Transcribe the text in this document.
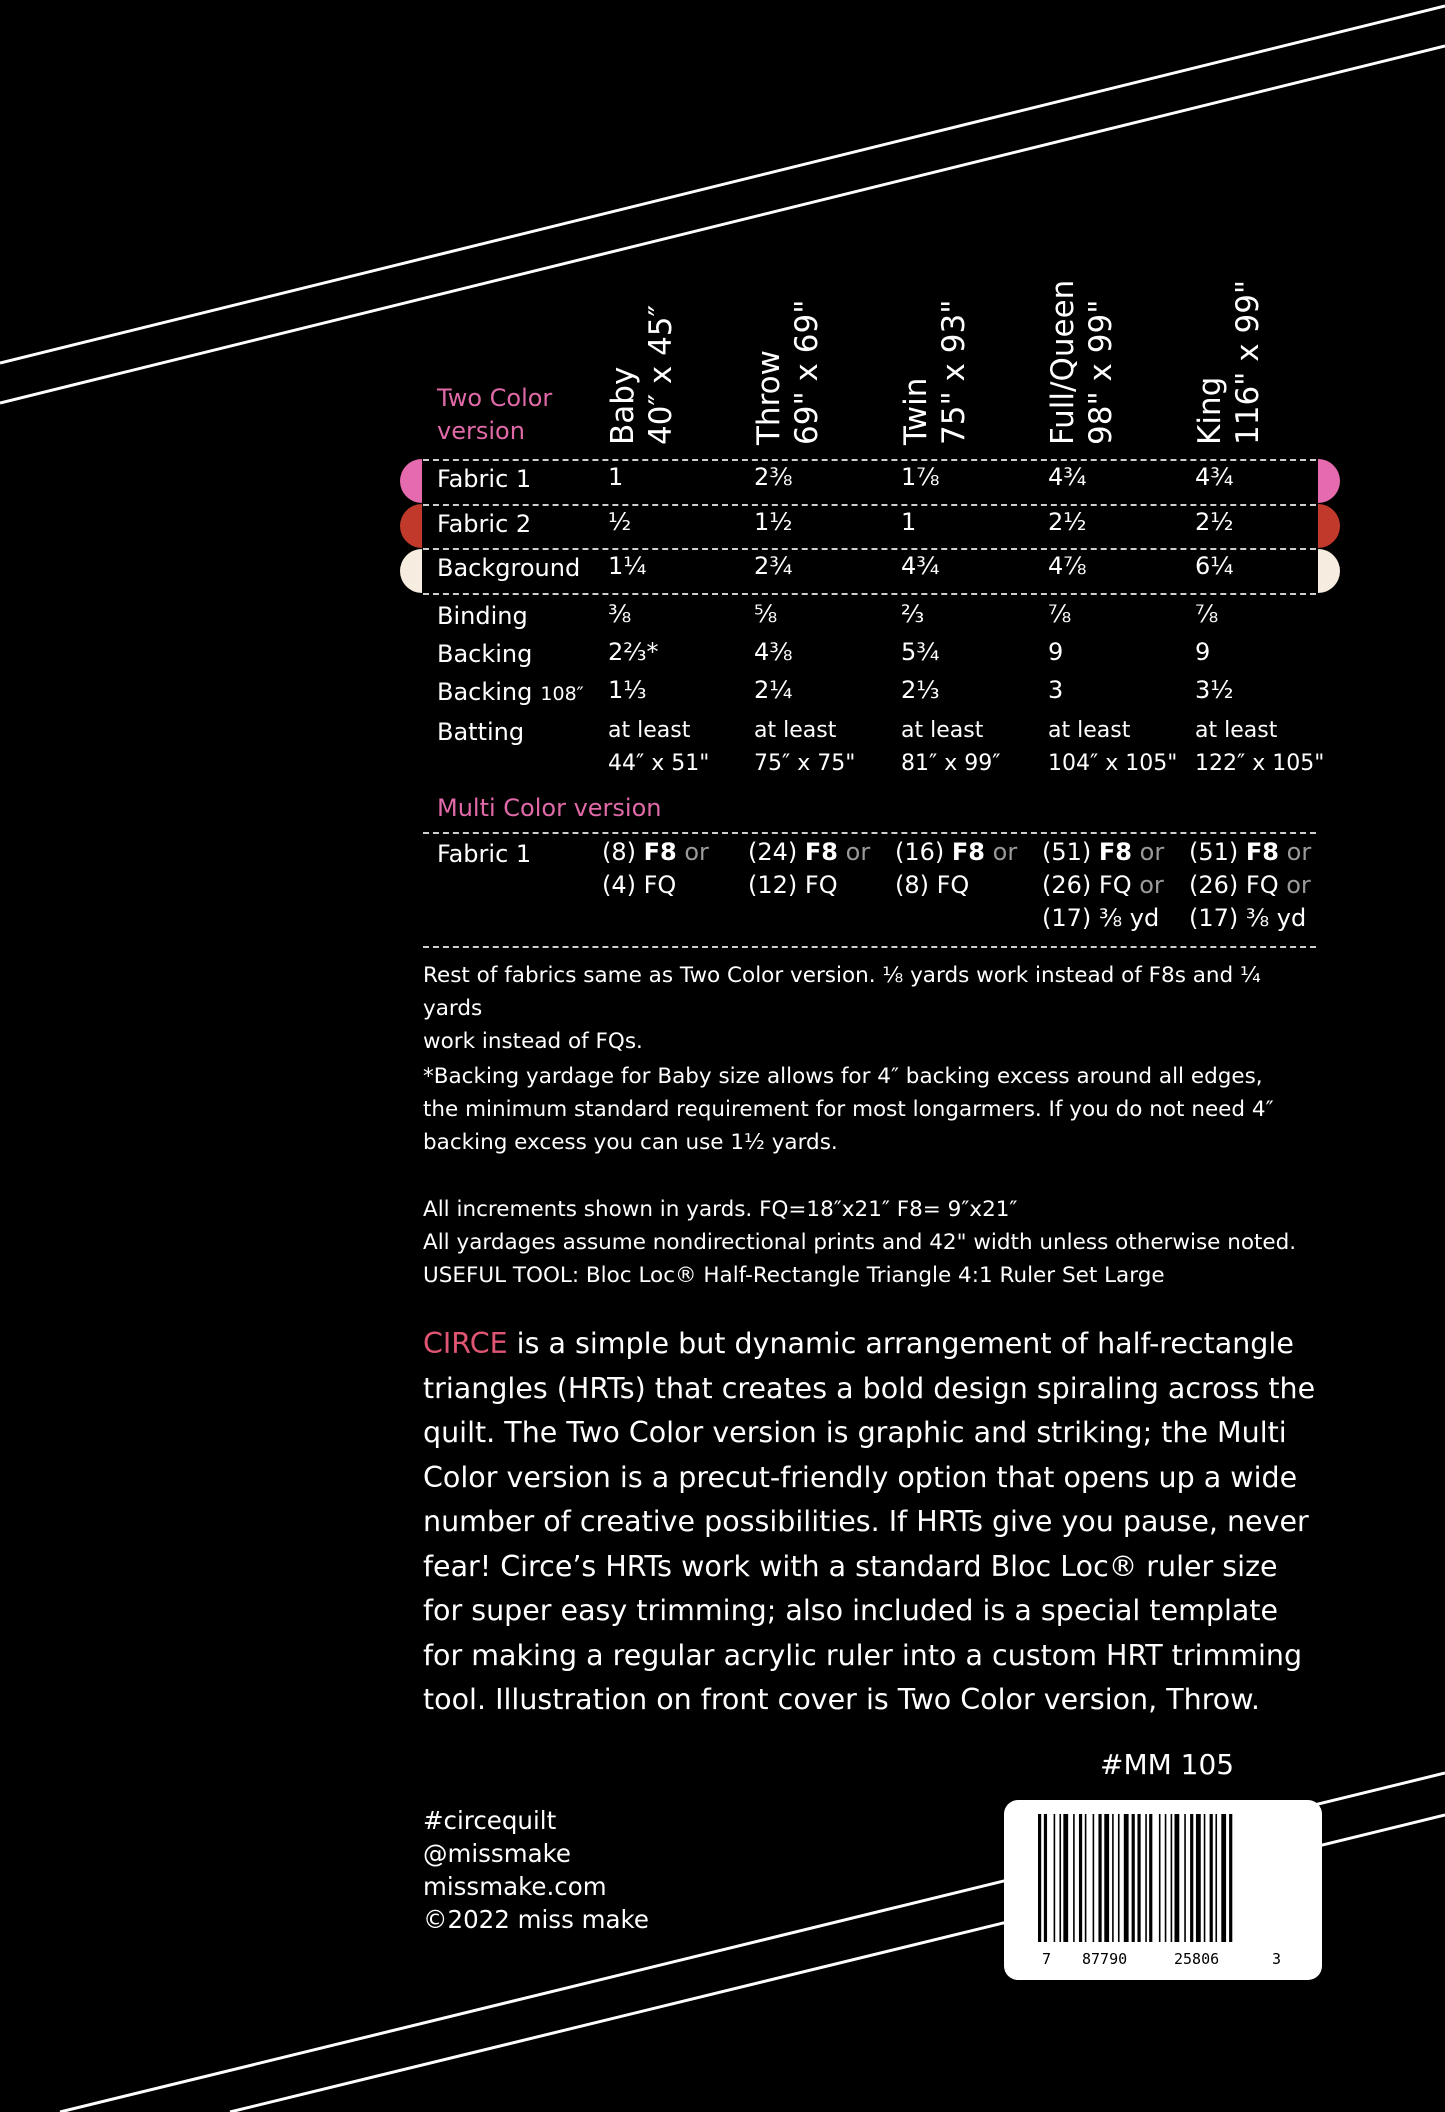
Two Color
version	Baby 40″ x 45″ Throw 69" x 69" Twin 75" x 93" Full/Queen 98" x 99" King 116" x 99"
Fabric 1	1	2⅜	1⅞	4¾	4¾
Fabric 2	½	1½	1	2½	2½
Background 1¼	2¾	4¾	4⅞	6¼
Binding	⅜	⅝	⅔	⅞	⅞
Backing	2⅔*	4⅜	5¾	9	9
Backing 108″ 1⅓	2¼	2⅓	3	3½
Batting	at least
44″ x 51"
at least
75″ x 75"
at least
81″ x 99″
at least
104″ x 105"
at least
122″ x 105"
Multi Color version
Fabric 1	(8) F8 or
(4) FQ
(24) F8 or
(12) FQ
(16) F8 or
(8) FQ
(51) F8 or
(26) FQ or
(17) ⅜ yd
(51) F8 or
(26) FQ or
(17) ⅜ yd
Rest of fabrics same as Two Color version. ⅛ yards work instead of F8s and ¼ yards
work instead of FQs.
*Backing yardage for Baby size allows for 4″ backing excess around all edges,
the minimum standard requirement for most longarmers. If you do not need 4″
backing excess you can use 1½ yards.
All increments shown in yards. FQ=18″x21″ F8= 9″x21″
All yardages assume nondirectional prints and 42" width unless otherwise noted.
USEFUL TOOL: Bloc Loc® Half-Rectangle Triangle 4:1 Ruler Set Large
CIRCE is a simple but dynamic arrangement of half-rectangle
triangles (HRTs) that creates a bold design spiraling across the
quilt. The Two Color version is graphic and striking; the Multi
Color version is a precut-friendly option that opens up a wide
number of creative possibilities. If HRTs give you pause, never
fear! Circe’s HRTs work with a standard Bloc Loc® ruler size
for super easy trimming; also included is a special template
for making a regular acrylic ruler into a custom HRT trimming
tool. Illustration on front cover is Two Color version, Throw.
#MM 105
#circequilt
@missmake
missmake.com
©2022 miss make
7 87790	25806	3
